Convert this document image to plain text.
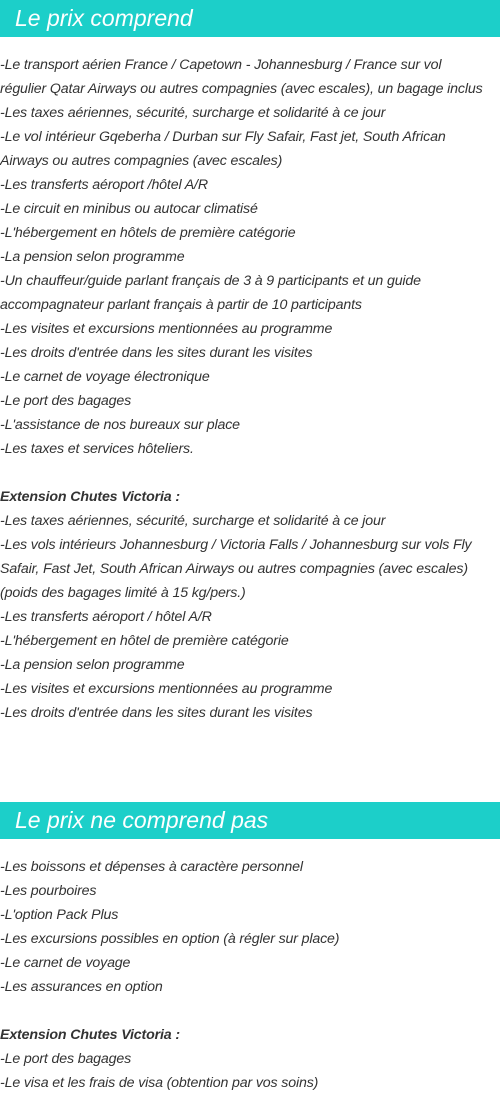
Le prix comprend
-Le transport aérien France / Capetown - Johannesburg / France sur vol
régulier Qatar Airways ou autres compagnies (avec escales), un bagage inclus
-Les taxes aériennes, sécurité, surcharge et solidarité à ce jour
-Le vol intérieur Gqeberha / Durban sur Fly Safair, Fast jet, South African
Airways ou autres compagnies (avec escales)
-Les transferts aéroport /hôtel A/R
-Le circuit en minibus ou autocar climatisé
-L'hébergement en hôtels de première catégorie
-La pension selon programme
-Un chauffeur/guide parlant français de 3 à 9 participants et un guide
accompagnateur parlant français à partir de 10 participants
-Les visites et excursions mentionnées au programme
-Les droits d'entrée dans les sites durant les visites
-Le carnet de voyage électronique
-Le port des bagages
-L'assistance de nos bureaux sur place
-Les taxes et services hôteliers.
Extension Chutes Victoria :
-Les taxes aériennes, sécurité, surcharge et solidarité à ce jour
-Les vols intérieurs Johannesburg / Victoria Falls / Johannesburg sur vols Fly
Safair, Fast Jet, South African Airways ou autres compagnies (avec escales)
(poids des bagages limité à 15 kg/pers.)
-Les transferts aéroport / hôtel A/R
-L'hébergement en hôtel de première catégorie
-La pension selon programme
-Les visites et excursions mentionnées au programme
-Les droits d'entrée dans les sites durant les visites
Le prix ne comprend pas
-Les boissons et dépenses à caractère personnel
-Les pourboires
-L'option Pack Plus
-Les excursions possibles en option (à régler sur place)
-Le carnet de voyage
-Les assurances en option
Extension Chutes Victoria :
-Le port des bagages
-Le visa et les frais de visa (obtention par vos soins)
